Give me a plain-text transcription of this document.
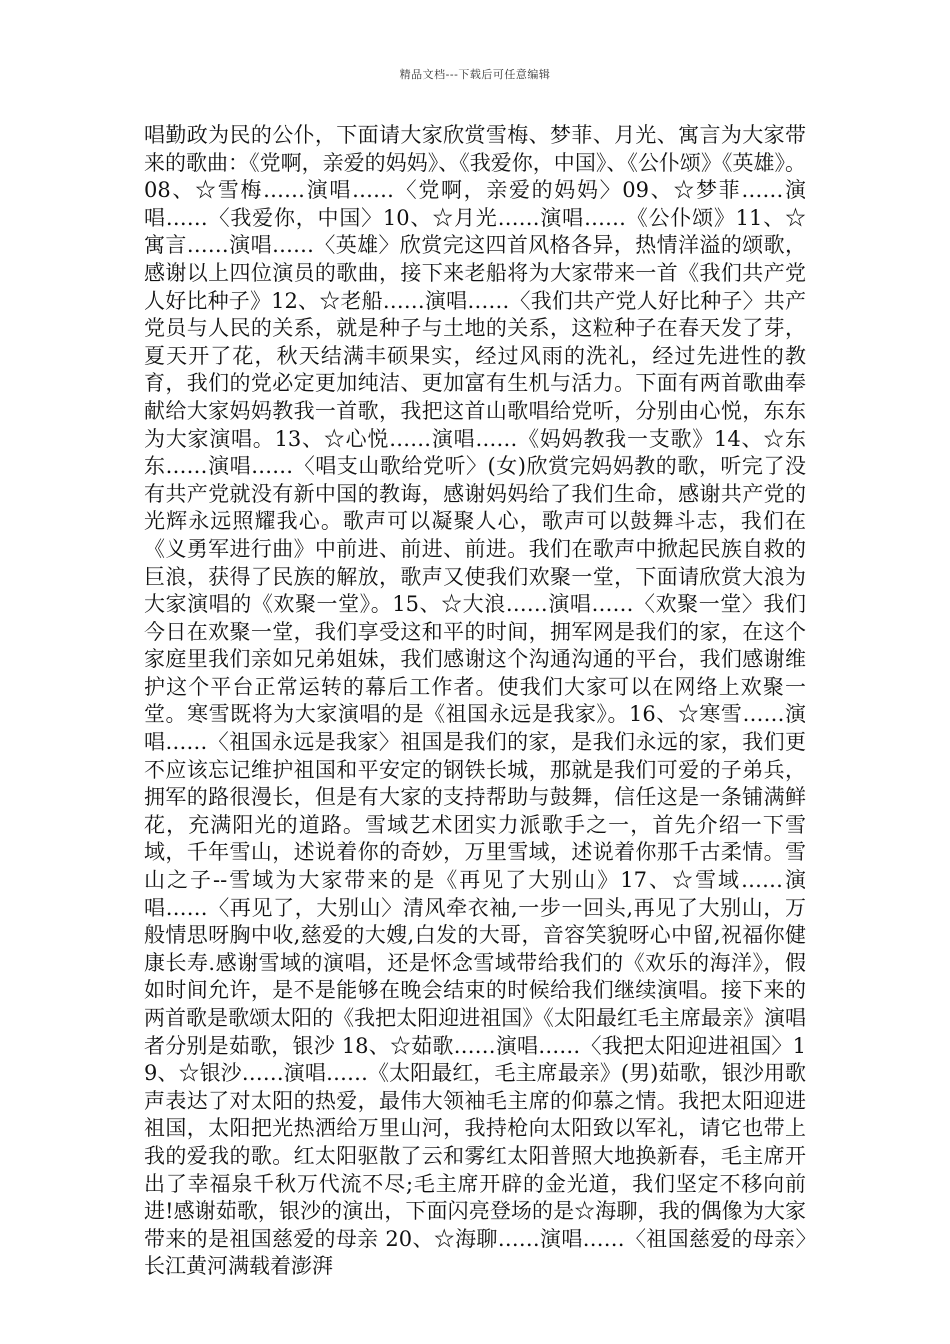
精品文档---下载后可任意编辑

唱勤政为民的公仆，下面请大家欣赏雪梅、梦菲、月光、寓言为大家带来的歌曲：《党啊，亲爱的妈妈》、《我爱你，中国》、《公仆颂》《英雄》。08、☆雪梅……演唱……〈党啊，亲爱的妈妈〉09、☆梦菲……演唱……〈我爱你，中国〉10、☆月光……演唱……《公仆颂》11、☆寓言……演唱……〈英雄〉欣赏完这四首风格各异，热情洋溢的颂歌，感谢以上四位演员的歌曲，接下来老船将为大家带来一首《我们共产党人好比种子》12、☆老船……演唱……〈我们共产党人好比种子〉共产党员与人民的关系，就是种子与土地的关系，这粒种子在春天发了芽，夏天开了花，秋天结满丰硕果实，经过风雨的洗礼，经过先进性的教育，我们的党必定更加纯洁、更加富有生机与活力。下面有两首歌曲奉献给大家妈妈教我一首歌，我把这首山歌唱给党听，分别由心悦，东东为大家演唱。13、☆心悦……演唱……《妈妈教我一支歌》14、☆东东……演唱……〈唱支山歌给党听〉(女)欣赏完妈妈教的歌，听完了没有共产党就没有新中国的教诲，感谢妈妈给了我们生命，感谢共产党的光辉永远照耀我心。歌声可以凝聚人心，歌声可以鼓舞斗志，我们在《义勇军进行曲》中前进、前进、前进。我们在歌声中掀起民族自救的巨浪，获得了民族的解放，歌声又使我们欢聚一堂，下面请欣赏大浪为大家演唱的《欢聚一堂》。15、☆大浪……演唱……〈欢聚一堂〉我们今日在欢聚一堂，我们享受这和平的时间，拥军网是我们的家，在这个家庭里我们亲如兄弟姐妹，我们感谢这个沟通沟通的平台，我们感谢维护这个平台正常运转的幕后工作者。使我们大家可以在网络上欢聚一堂。寒雪既将为大家演唱的是《祖国永远是我家》。16、☆寒雪……演唱……〈祖国永远是我家〉祖国是我们的家，是我们永远的家，我们更不应该忘记维护祖国和平安定的钢铁长城，那就是我们可爱的子弟兵，拥军的路很漫长，但是有大家的支持帮助与鼓舞，信任这是一条铺满鲜花，充满阳光的道路。雪域艺术团实力派歌手之一，首先介绍一下雪域，千年雪山，述说着你的奇妙，万里雪域，述说着你那千古柔情。雪山之子--雪域为大家带来的是《再见了大别山》17、☆雪域……演唱……〈再见了，大别山〉清风牵衣袖,一步一回头,再见了大别山，万般情思呀胸中收,慈爱的大嫂,白发的大哥，音容笑貌呀心中留,祝福你健康长寿.感谢雪域的演唱，还是怀念雪域带给我们的《欢乐的海洋》，假如时间允许，是不是能够在晚会结束的时候给我们继续演唱。接下来的两首歌是歌颂太阳的《我把太阳迎进祖国》《太阳最红毛主席最亲》演唱者分别是茹歌，银沙 18、☆茹歌……演唱……〈我把太阳迎进祖国〉19、☆银沙……演唱……《太阳最红，毛主席最亲》(男)茹歌，银沙用歌声表达了对太阳的热爱，最伟大领袖毛主席的仰慕之情。我把太阳迎进祖国，太阳把光热洒给万里山河，我持枪向太阳致以军礼，请它也带上我的爱我的歌。红太阳驱散了云和雾红太阳普照大地换新春，毛主席开出了幸福泉千秋万代流不尽;毛主席开辟的金光道，我们坚定不移向前进!感谢茹歌，银沙的演出，下面闪亮登场的是☆海聊，我的偶像为大家带来的是祖国慈爱的母亲 20、☆海聊……演唱……〈祖国慈爱的母亲〉长江黄河满载着澎湃
